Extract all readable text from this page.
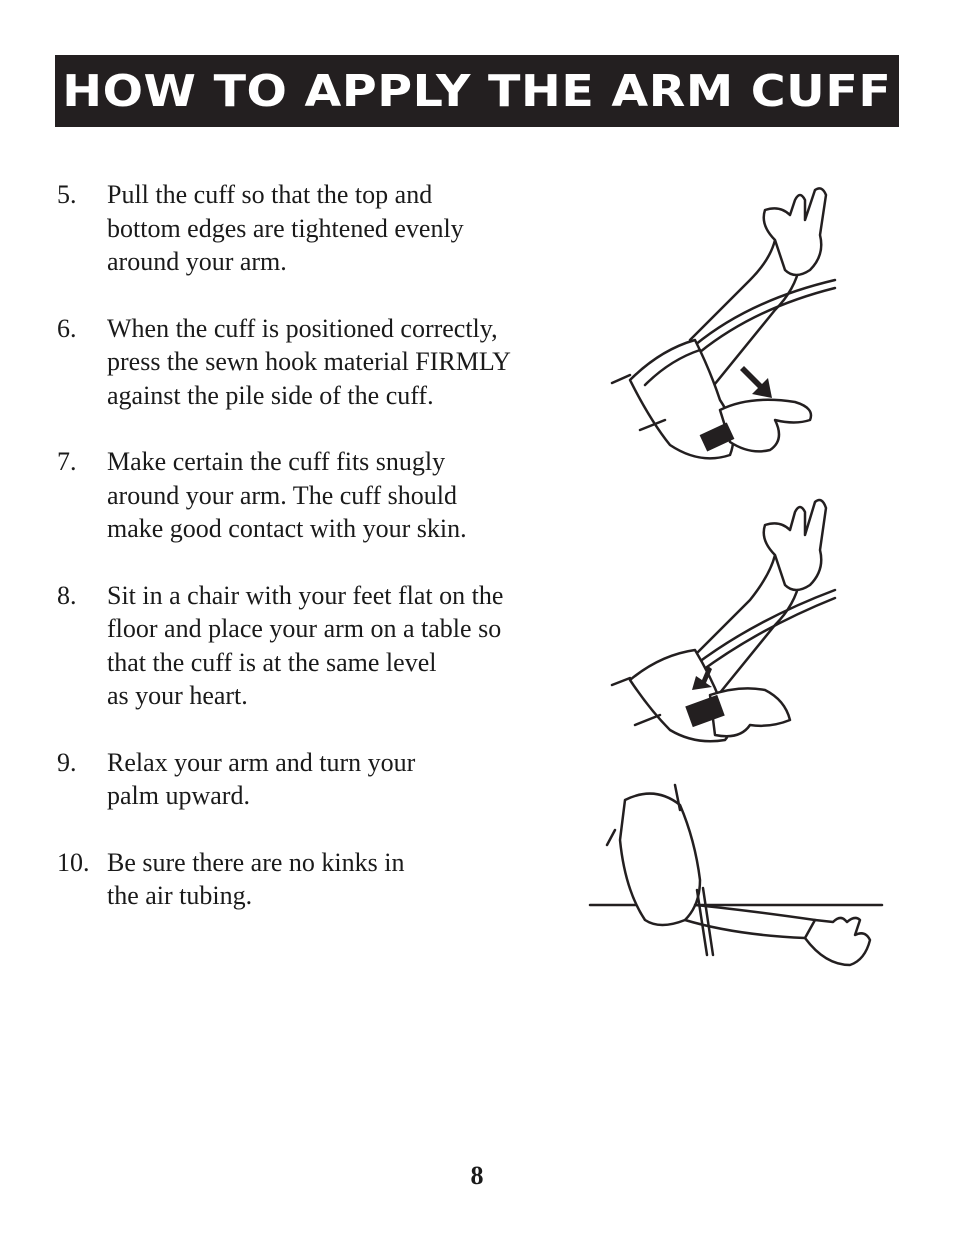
HOW TO APPLY THE ARM CUFF
5.	Pull the cuff so that the top and
bottom edges are tightened evenly
around your arm.
6.	When the cuff is positioned correctly,
press the sewn hook material FIRMLY
against the pile side of the cuff.
7.	Make certain the cuff fits snugly
around your arm. The cuff should
make good contact with your skin.
8.	Sit in a chair with your feet flat on the
floor and place your arm on a table so
that the cuff is at the same level
as your heart.
9.	Relax your arm and turn your
palm upward.
10. Be sure there are no kinks in
the air tubing.
8
